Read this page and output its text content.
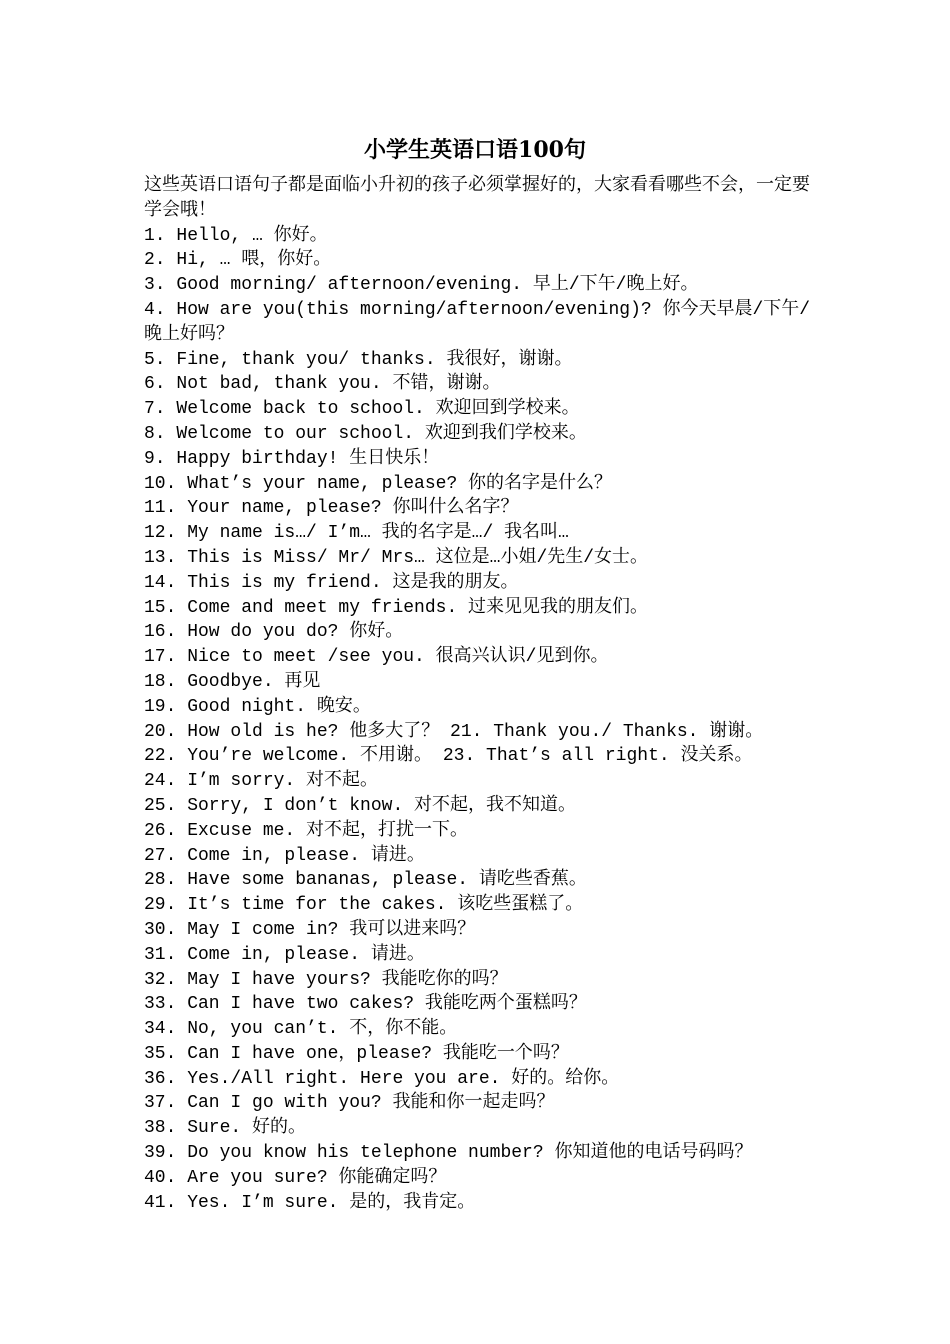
小学生英语口语100句

这些英语口语句子都是面临小升初的孩子必须掌握好的，大家看看哪些不会，一定要学会哦！

1. Hello, … 你好。
2. Hi, … 喂，你好。
3. Good morning/ afternoon/evening. 早上/下午/晚上好。
4. How are you(this morning/afternoon/evening)? 你今天早晨/下午/晚上好吗？
5. Fine, thank you/ thanks. 我很好，谢谢。
6. Not bad, thank you. 不错，谢谢。
7. Welcome back to school. 欢迎回到学校来。
8. Welcome to our school. 欢迎到我们学校来。
9. Happy birthday! 生日快乐！
10. What’s your name, please? 你的名字是什么？
11. Your name, please? 你叫什么名字？
12. My name is…/ I’m… 我的名字是…/ 我名叫…
13. This is Miss/ Mr/ Mrs… 这位是…小姐/先生/女士。
14. This is my friend. 这是我的朋友。
15. Come and meet my friends. 过来见见我的朋友们。
16. How do you do? 你好。
17. Nice to meet /see you. 很高兴认识/见到你。
18. Goodbye. 再见
19. Good night. 晚安。
20. How old is he? 他多大了？ 21. Thank you./ Thanks. 谢谢。
22. You’re welcome. 不用谢。 23. That’s all right. 没关系。
24. I’m sorry. 对不起。
25. Sorry, I don’t know. 对不起，我不知道。
26. Excuse me. 对不起，打扰一下。
27. Come in, please. 请进。
28. Have some bananas, please. 请吃些香蕉。
29. It’s time for the cakes. 该吃些蛋糕了。
30. May I come in? 我可以进来吗？
31. Come in, please. 请进。
32. May I have yours? 我能吃你的吗？
33. Can I have two cakes? 我能吃两个蛋糕吗？
34. No, you can’t. 不，你不能。
35. Can I have one，please? 我能吃一个吗？
36. Yes./All right. Here you are. 好的。给你。
37. Can I go with you? 我能和你一起走吗？
38. Sure. 好的。
39. Do you know his telephone number? 你知道他的电话号码吗？
40. Are you sure? 你能确定吗？
41. Yes. I’m sure. 是的，我肯定。
